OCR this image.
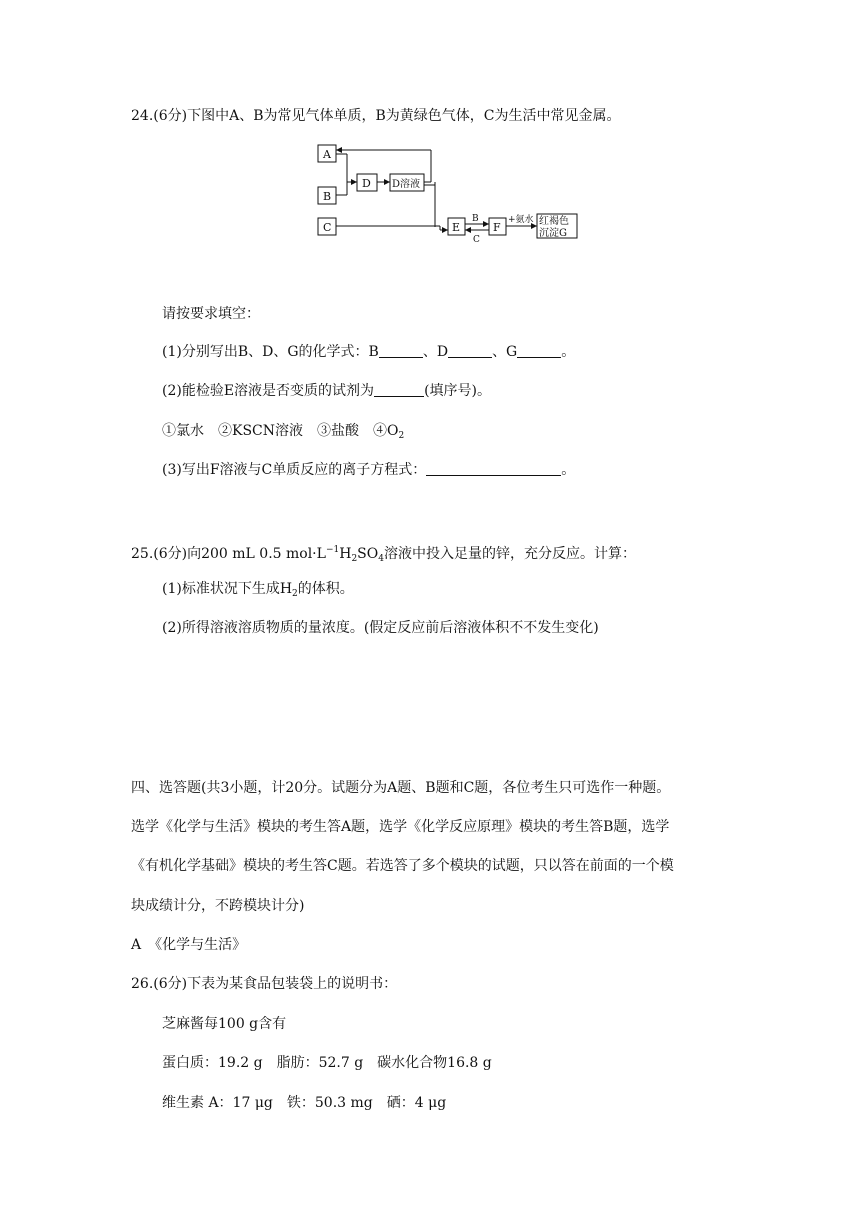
24.(6分)下图中A、B为常见气体单质，B为黄绿色气体，C为生活中常见金属。
A
B
C
D D溶液
E	F
B
C
+氨水 红褐色
沉淀G
请按要求填空：
(1)分别写出B、D、G的化学式：B	、D	、G	。
(2)能检验E溶液是否变质的试剂为	(填序号)。
①氯水　②KSCN溶液　③盐酸　$④O_2$
(3)写出F溶液与C单质反应的离子方程式：	。
25.(6分)向200 mL 0.5 $mol\cdot L^{-1}H_2SO_4$溶液中投入足量的锌，充分反应。计算：
(1)标准状况下生成$H_2$的体积。
(2)所得溶液溶质物质的量浓度。(假定反应前后溶液体积不不发生变化)
四、选答题(共3小题，计20分。试题分为A题、B题和C题，各位考生只可选作一种题。
选学《化学与生活》模块的考生答A题，选学《化学反应原理》模块的考生答B题，选学
《有机化学基础》模块的考生答C题。若选答了多个模块的试题，只以答在前面的一个模
块成绩计分，不跨模块计分)
A　《化学与生活》
26.(6分)下表为某食品包装袋上的说明书：
芝麻酱每100 g含有
蛋白质：19.2 g　脂肪：52.7 g　碳水化合物16.8 g
维生素 A：17 μg　铁：50.3 mg　硒：4 μg
